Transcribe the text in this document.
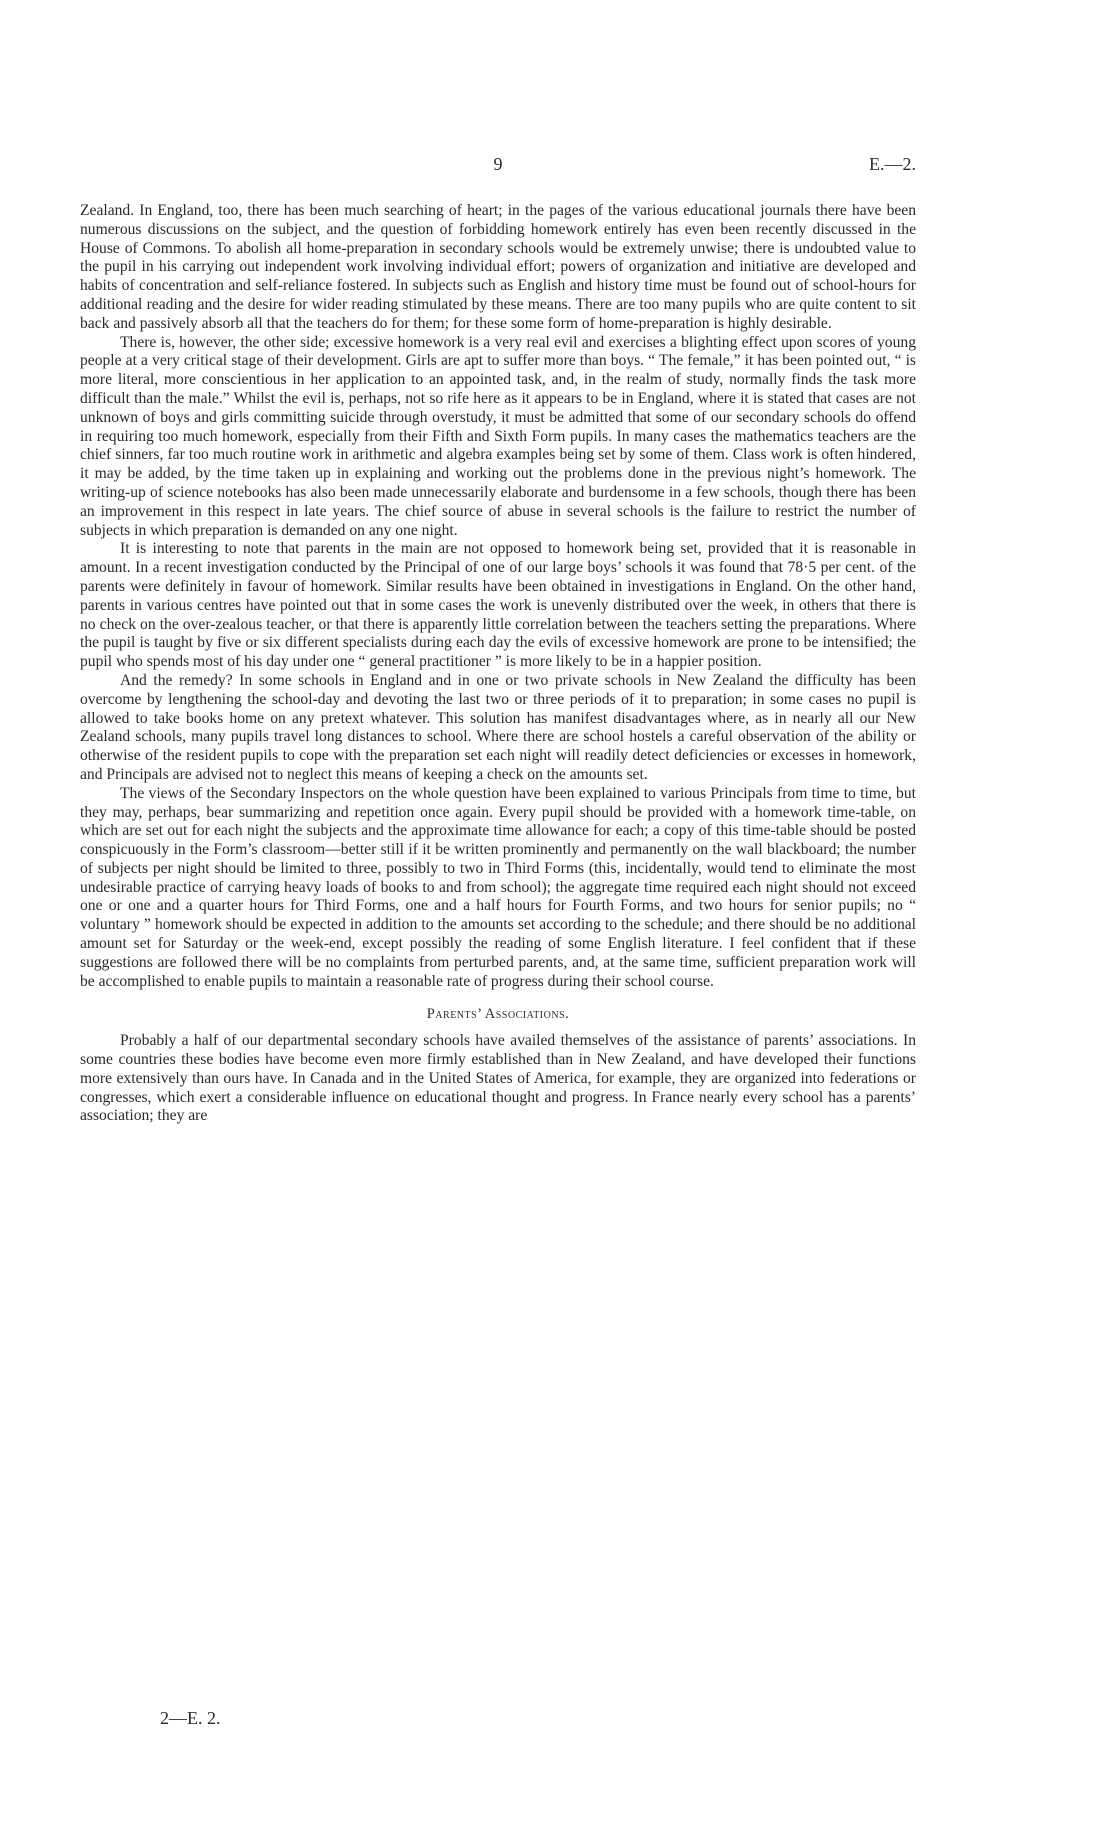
9	E.—2.

Zealand. In England, too, there has been much searching of heart; in the pages of the various educational journals there have been numerous discussions on the subject, and the question of forbidding homework entirely has even been recently discussed in the House of Commons. To abolish all home-preparation in secondary schools would be extremely unwise; there is undoubted value to the pupil in his carrying out independent work involving individual effort; powers of organization and initiative are developed and habits of concentration and self-reliance fostered. In subjects such as English and history time must be found out of school-hours for additional reading and the desire for wider reading stimulated by these means. There are too many pupils who are quite content to sit back and passively absorb all that the teachers do for them; for these some form of home-preparation is highly desirable.

There is, however, the other side; excessive homework is a very real evil and exercises a blighting effect upon scores of young people at a very critical stage of their development. Girls are apt to suffer more than boys. “ The female,” it has been pointed out, “ is more literal, more conscientious in her application to an appointed task, and, in the realm of study, normally finds the task more difficult than the male.” Whilst the evil is, perhaps, not so rife here as it appears to be in England, where it is stated that cases are not unknown of boys and girls committing suicide through overstudy, it must be admitted that some of our secondary schools do offend in requiring too much homework, especially from their Fifth and Sixth Form pupils. In many cases the mathematics teachers are the chief sinners, far too much routine work in arithmetic and algebra examples being set by some of them. Class work is often hindered, it may be added, by the time taken up in explaining and working out the problems done in the previous night’s homework. The writing-up of science notebooks has also been made unnecessarily elaborate and burdensome in a few schools, though there has been an improvement in this respect in late years. The chief source of abuse in several schools is the failure to restrict the number of subjects in which preparation is demanded on any one night.

It is interesting to note that parents in the main are not opposed to homework being set, provided that it is reasonable in amount. In a recent investigation conducted by the Principal of one of our large boys’ schools it was found that 78·5 per cent. of the parents were definitely in favour of homework. Similar results have been obtained in investigations in England. On the other hand, parents in various centres have pointed out that in some cases the work is unevenly distributed over the week, in others that there is no check on the over-zealous teacher, or that there is apparently little correlation between the teachers setting the preparations. Where the pupil is taught by five or six different specialists during each day the evils of excessive homework are prone to be intensified; the pupil who spends most of his day under one “ general practitioner ” is more likely to be in a happier position.

And the remedy? In some schools in England and in one or two private schools in New Zealand the difficulty has been overcome by lengthening the school-day and devoting the last two or three periods of it to preparation; in some cases no pupil is allowed to take books home on any pretext whatever. This solution has manifest disadvantages where, as in nearly all our New Zealand schools, many pupils travel long distances to school. Where there are school hostels a careful observation of the ability or otherwise of the resident pupils to cope with the preparation set each night will readily detect deficiencies or excesses in homework, and Principals are advised not to neglect this means of keeping a check on the amounts set.

The views of the Secondary Inspectors on the whole question have been explained to various Principals from time to time, but they may, perhaps, bear summarizing and repetition once again. Every pupil should be provided with a homework time-table, on which are set out for each night the subjects and the approximate time allowance for each; a copy of this time-table should be posted conspicuously in the Form’s classroom—better still if it be written prominently and permanently on the wall blackboard; the number of subjects per night should be limited to three, possibly to two in Third Forms (this, incidentally, would tend to eliminate the most undesirable practice of carrying heavy loads of books to and from school); the aggregate time required each night should not exceed one or one and a quarter hours for Third Forms, one and a half hours for Fourth Forms, and two hours for senior pupils; no “ voluntary ” homework should be expected in addition to the amounts set according to the schedule; and there should be no additional amount set for Saturday or the week-end, except possibly the reading of some English literature. I feel confident that if these suggestions are followed there will be no complaints from perturbed parents, and, at the same time, sufficient preparation work will be accomplished to enable pupils to maintain a reasonable rate of progress during their school course.

Parents’ Associations.

Probably a half of our departmental secondary schools have availed themselves of the assistance of parents’ associations. In some countries these bodies have become even more firmly established than in New Zealand, and have developed their functions more extensively than ours have. In Canada and in the United States of America, for example, they are organized into federations or congresses, which exert a considerable influence on educational thought and progress. In France nearly every school has a parents’ association; they are

2—E. 2.
